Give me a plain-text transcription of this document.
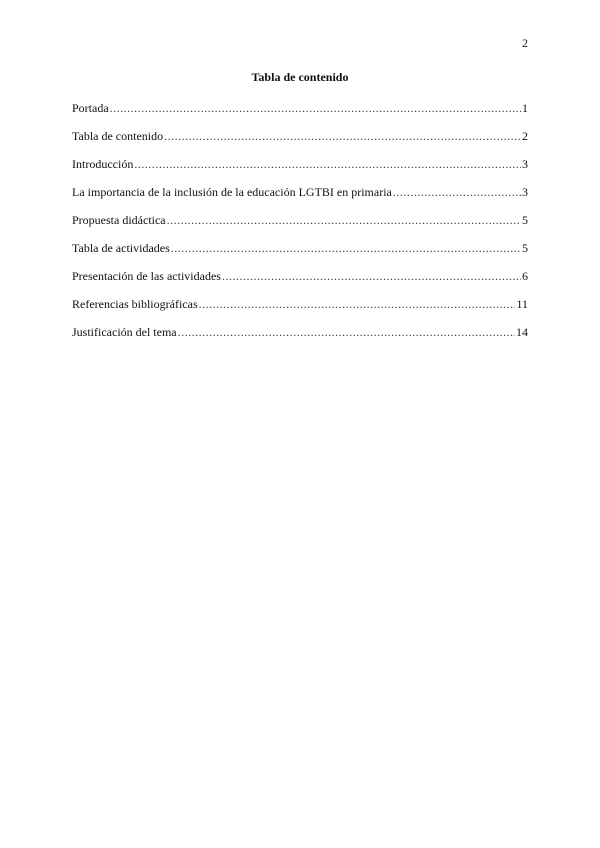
2
Tabla de contenido
Portada .....	1
Tabla de contenido .....	2
Introducción .....	3
La importancia de la inclusión de la educación LGTBI en primaria .....	3
Propuesta didáctica .....	5
Tabla de actividades .....	5
Presentación de las actividades .....	6
Referencias bibliográficas .....	11
Justificación del tema .....	14
